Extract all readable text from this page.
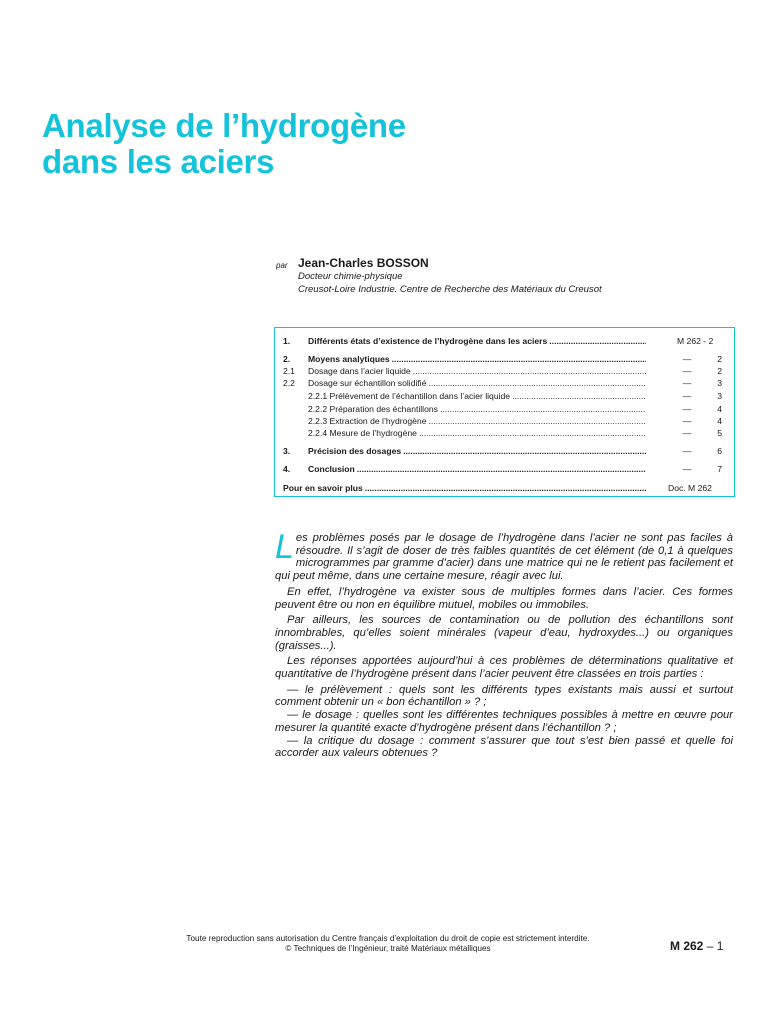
Analyse de l’hydrogène
dans les aciers
par Jean-Charles BOSSON
Docteur chimie-physique
Creusot-Loire Industrie. Centre de Recherche des Matériaux du Creusot
1. Différents états d’existence de l’hydrogène dans les aciers .....	M 262 - 2
2. Moyens analytiques .....	—	2
2.1 Dosage dans l’acier liquide .....	—	2
2.2 Dosage sur échantillon solidifié .....	—	3
2.2.1 Prélèvement de l’échantillon dans l’acier liquide .....	—	3
2.2.2 Préparation des échantillons .....	—	4
2.2.3 Extraction de l’hydrogène .....	—	4
2.2.4 Mesure de l’hydrogène .....	—	5
3. Précision des dosages .....	—	6
4. Conclusion .....	—	7
Pour en savoir plus .....	Doc. M 262

Les problèmes posés par le dosage de l’hydrogène dans l’acier ne sont pas faciles à résoudre. Il s’agit de doser de très faibles quantités de cet élément (de 0,1 à quelques microgrammes par gramme d’acier) dans une matrice qui ne le retient pas facilement et qui peut même, dans une certaine mesure, réagir avec lui.

En effet, l’hydrogène va exister sous de multiples formes dans l’acier. Ces formes peuvent être ou non en équilibre mutuel, mobiles ou immobiles.

Par ailleurs, les sources de contamination ou de pollution des échantillons sont innombrables, qu’elles soient minérales (vapeur d’eau, hydroxydes...) ou organiques (graisses...).

Les réponses apportées aujourd’hui à ces problèmes de déterminations qualitative et quantitative de l’hydrogène présent dans l’acier peuvent être classées en trois parties :

— le prélèvement : quels sont les différents types existants mais aussi et surtout comment obtenir un « bon échantillon » ? ;

— le dosage : quelles sont les différentes techniques possibles à mettre en œuvre pour mesurer la quantité exacte d’hydrogène présent dans l’échantillon ? ;

— la critique du dosage : comment s’assurer que tout s’est bien passé et quelle foi accorder aux valeurs obtenues ?

Toute reproduction sans autorisation du Centre français d’exploitation du droit de copie est strictement interdite.
© Techniques de l’Ingénieur, traité Matériaux métalliques	M 262 – 1
